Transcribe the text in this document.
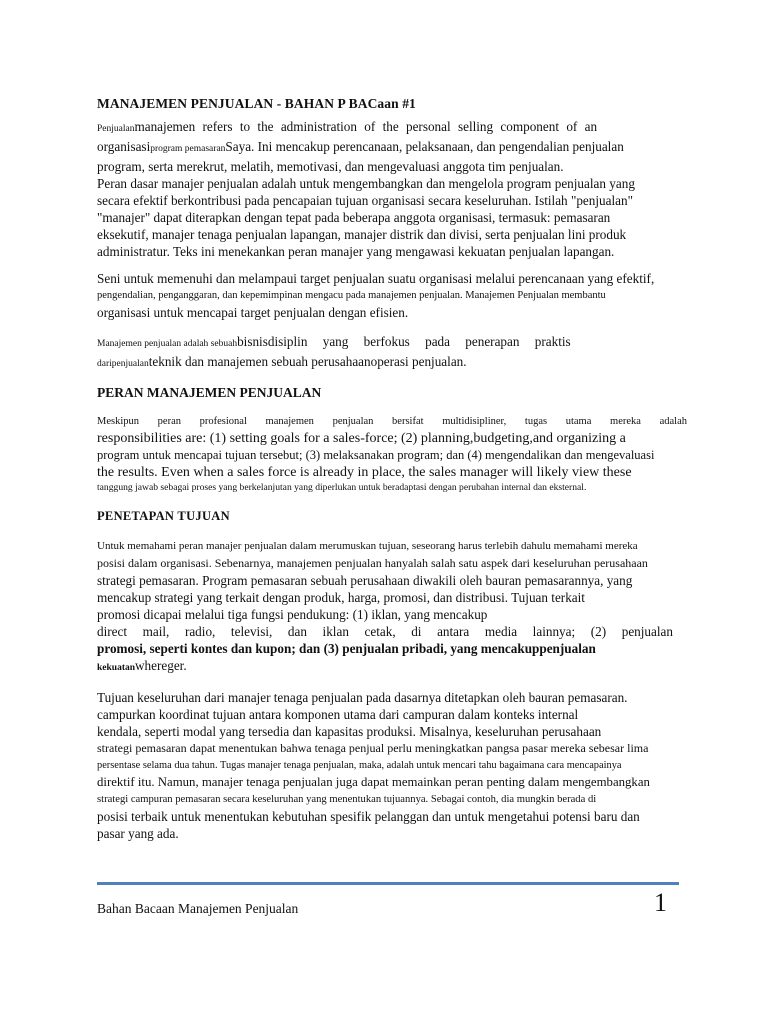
MANAJEMEN PENJUALAN - BAHAN P BACaan #1

Penjualanmanajemen refers to the administration of the personal selling component of an

organisasiprogram pemasaranSaya. Ini mencakup perencanaan, pelaksanaan, dan pengendalian penjualan

program, serta merekrut, melatih, memotivasi, dan mengevaluasi anggota tim penjualan.

Peran dasar manajer penjualan adalah untuk mengembangkan dan mengelola program penjualan yang

secara efektif berkontribusi pada pencapaian tujuan organisasi secara keseluruhan. Istilah "penjualan"

"manajer" dapat diterapkan dengan tepat pada beberapa anggota organisasi, termasuk: pemasaran

eksekutif, manajer tenaga penjualan lapangan, manajer distrik dan divisi, serta penjualan lini produk

administratur. Teks ini menekankan peran manajer yang mengawasi kekuatan penjualan lapangan.

Seni untuk memenuhi dan melampaui target penjualan suatu organisasi melalui perencanaan yang efektif,

pengendalian, penganggaran, dan kepemimpinan mengacu pada manajemen penjualan. Manajemen Penjualan membantu

organisasi untuk mencapai target penjualan dengan efisien.

Manajemen penjualan adalah sebuahbisnisdisiplin yang berfokus pada penerapan praktis

daripenjualanteknik dan manajemen sebuah perusahaanoperasi penjualan.

PERAN MANAJEMEN PENJUALAN

Meskipun peran profesional manajemen penjualan bersifat multidisipliner, tugas utama mereka adalah

responsibilities are: (1) setting goals for a sales-force; (2) planning,budgeting,and organizing a

program untuk mencapai tujuan tersebut; (3) melaksanakan program; dan (4) mengendalikan dan mengevaluasi

the results. Even when a sales force is already in place, the sales manager will likely view these

tanggung jawab sebagai proses yang berkelanjutan yang diperlukan untuk beradaptasi dengan perubahan internal dan eksternal.

PENETAPAN TUJUAN

Untuk memahami peran manajer penjualan dalam merumuskan tujuan, seseorang harus terlebih dahulu memahami mereka

posisi dalam organisasi. Sebenarnya, manajemen penjualan hanyalah salah satu aspek dari keseluruhan perusahaan

strategi pemasaran. Program pemasaran sebuah perusahaan diwakili oleh bauran pemasarannya, yang

mencakup strategi yang terkait dengan produk, harga, promosi, dan distribusi. Tujuan terkait

promosi dicapai melalui tiga fungsi pendukung: (1) iklan, yang mencakup

direct mail, radio, televisi, dan iklan cetak, di antara media lainnya; (2) penjualan

promosi, seperti kontes dan kupon; dan (3) penjualan pribadi, yang mencakuppenjualan

kekuatanwhereger.

Tujuan keseluruhan dari manajer tenaga penjualan pada dasarnya ditetapkan oleh bauran pemasaran.

campurkan koordinat tujuan antara komponen utama dari campuran dalam konteks internal

kendala, seperti modal yang tersedia dan kapasitas produksi. Misalnya, keseluruhan perusahaan

strategi pemasaran dapat menentukan bahwa tenaga penjual perlu meningkatkan pangsa pasar mereka sebesar lima

persentase selama dua tahun. Tugas manajer tenaga penjualan, maka, adalah untuk mencari tahu bagaimana cara mencapainya

direktif itu. Namun, manajer tenaga penjualan juga dapat memainkan peran penting dalam mengembangkan

strategi campuran pemasaran secara keseluruhan yang menentukan tujuannya. Sebagai contoh, dia mungkin berada di

posisi terbaik untuk menentukan kebutuhan spesifik pelanggan dan untuk mengetahui potensi baru dan

pasar yang ada.

Bahan Bacaan Manajemen Penjualan	1
